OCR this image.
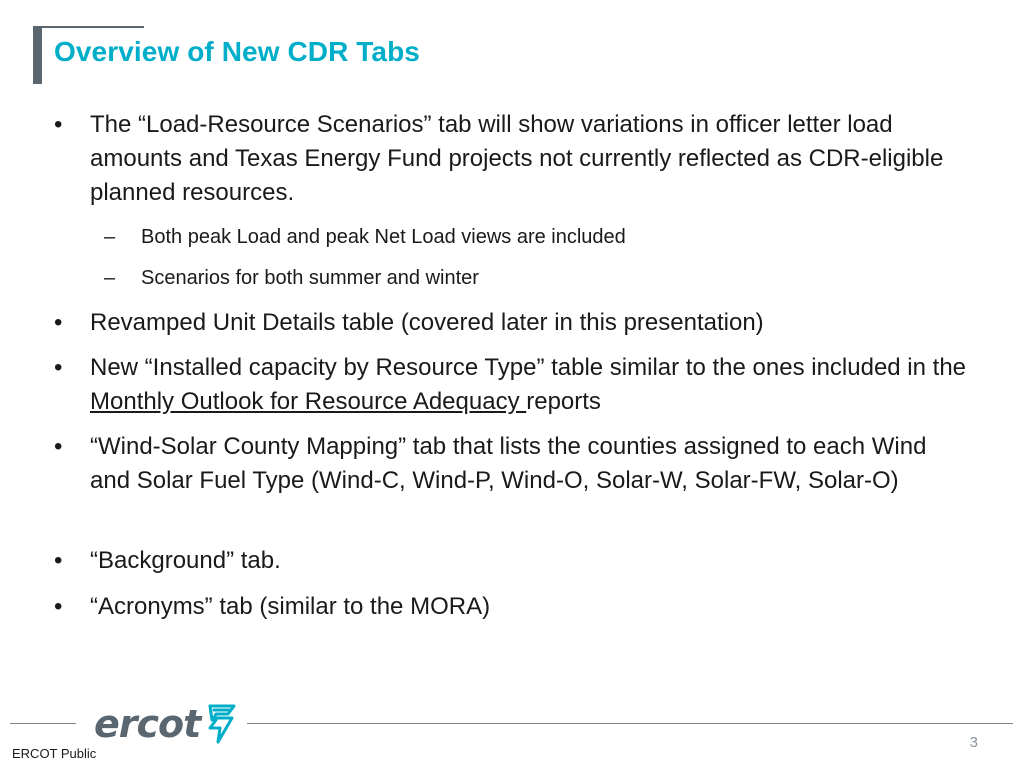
Overview of New CDR Tabs
• The “Load-Resource Scenarios” tab will show variations in officer letter load amounts and Texas Energy Fund projects not currently reflected as CDR-eligible planned resources.
– Both peak Load and peak Net Load views are included
– Scenarios for both summer and winter
• Revamped Unit Details table (covered later in this presentation)
• New “Installed capacity by Resource Type” table similar to the ones included in the Monthly Outlook for Resource Adequacy reports
• “Wind-Solar County Mapping” tab that lists the counties assigned to each Wind and Solar Fuel Type (Wind-C, Wind-P, Wind-O, Solar-W, Solar-FW, Solar-O)
• “Background” tab.
• “Acronyms” tab (similar to the MORA)
ercot
ERCOT Public
3
